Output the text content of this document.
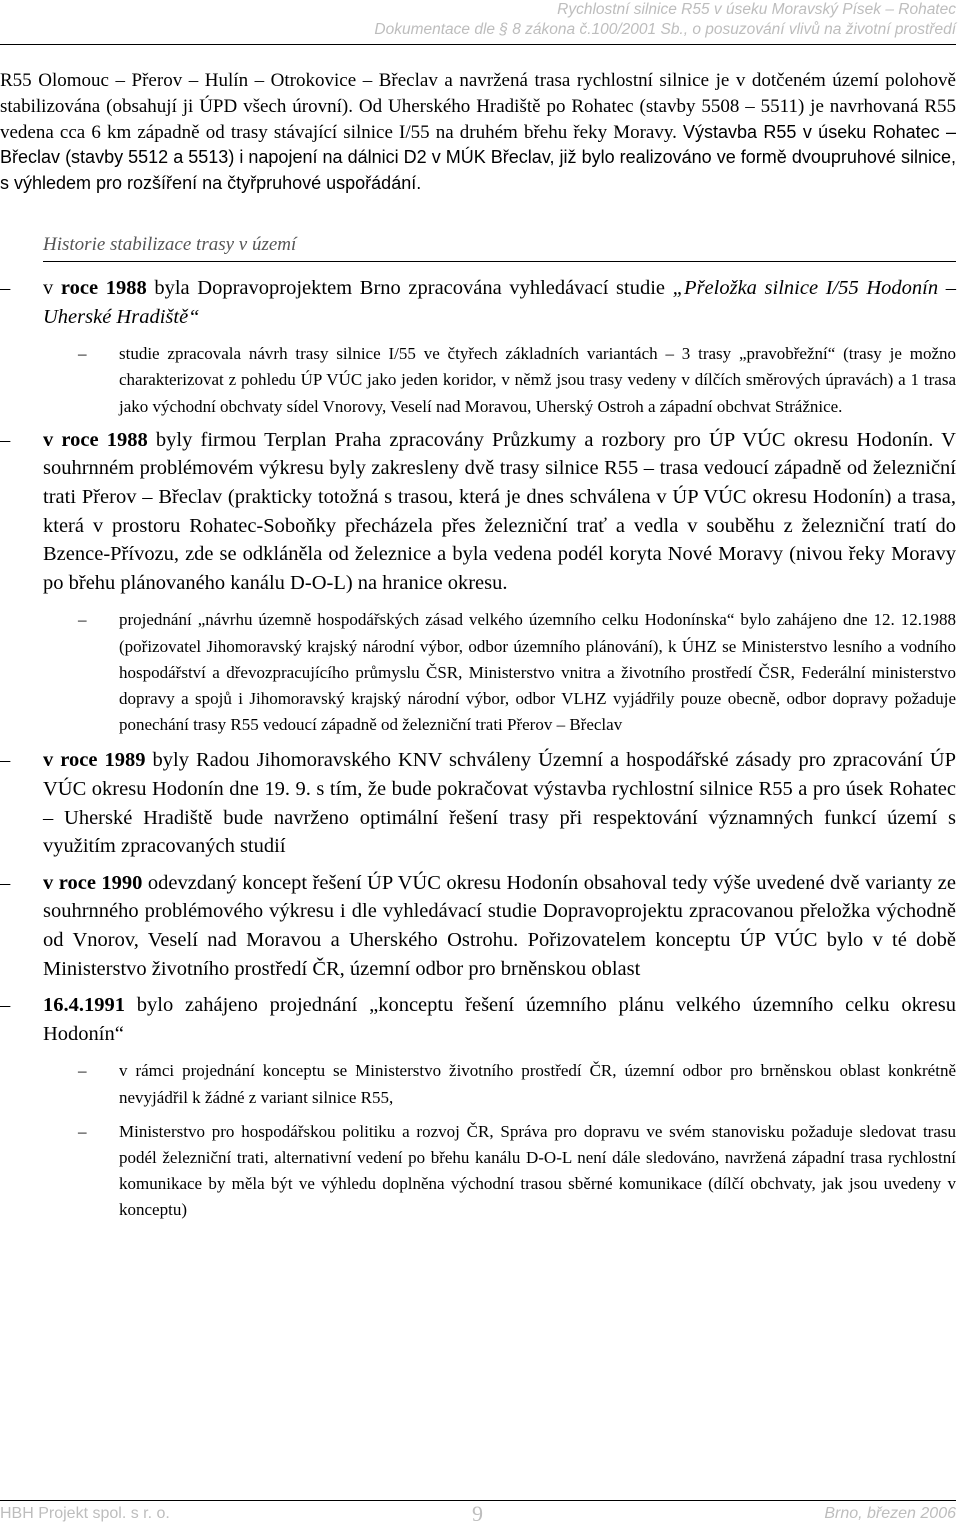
Rychlostní silnice R55 v úseku Moravský Písek – Rohatec
Dokumentace dle § 8 zákona č.100/2001 Sb., o posuzování vlivů na životní prostředí

R55 Olomouc – Přerov – Hulín – Otrokovice – Břeclav a navržená trasa rychlostní silnice je v dotčeném území polohově stabilizována (obsahují ji ÚPD všech úrovní). Od Uherského Hradiště po Rohatec (stavby 5508 – 5511) je navrhovaná R55 vedena cca 6 km západně od trasy stávající silnice I/55 na druhém břehu řeky Moravy. Výstavba R55 v úseku Rohatec – Břeclav (stavby 5512 a 5513) i napojení na dálnici D2 v MÚK Břeclav, již bylo realizováno ve formě dvoupruhové silnice, s výhledem pro rozšíření na čtyřpruhové uspořádání.

Historie stabilizace trasy v území
–	v roce 1988 byla Dopravoprojektem Brno zpracována vyhledávací studie „Přeložka silnice I/55 Hodonín – Uherské Hradiště“
– studie zpracovala návrh trasy silnice I/55 ve čtyřech základních variantách – 3 trasy „pravobřežní“ (trasy je možno charakterizovat z pohledu ÚP VÚC jako jeden koridor, v němž jsou trasy vedeny v dílčích směrových úpravách) a 1 trasa jako východní obchvaty sídel Vnorovy, Veselí nad Moravou, Uherský Ostroh a západní obchvat Strážnice.
–	v roce 1988 byly firmou Terplan Praha zpracovány Průzkumy a rozbory pro ÚP VÚC okresu Hodonín. V souhrnném problémovém výkresu byly zakresleny dvě trasy silnice R55 – trasa vedoucí západně od železniční trati Přerov – Břeclav (prakticky totožná s trasou, která je dnes schválena v ÚP VÚC okresu Hodonín) a trasa, která v prostoru Rohatec-Soboňky přecházela přes železniční trať a vedla v souběhu z železniční tratí do Bzence-Přívozu, zde se odkláněla od železnice a byla vedena podél koryta Nové Moravy (nivou řeky Moravy po břehu plánovaného kanálu D-O-L) na hranice okresu.
– projednání „návrhu územně hospodářských zásad velkého územního celku Hodonínska“ bylo zahájeno dne 12. 12.1988 (pořizovatel Jihomoravský krajský národní výbor, odbor územního plánování), k ÚHZ se Ministerstvo lesního a vodního hospodářství a dřevozpracujícího průmyslu ČSR, Ministerstvo vnitra a životního prostředí ČSR, Federální ministerstvo dopravy a spojů i Jihomoravský krajský národní výbor, odbor VLHZ vyjádřily pouze obecně, odbor dopravy požaduje ponechání trasy R55 vedoucí západně od železniční trati Přerov – Břeclav
–	v roce 1989 byly Radou Jihomoravského KNV schváleny Územní a hospodářské zásady pro zpracování ÚP VÚC okresu Hodonín dne 19. 9. s tím, že bude pokračovat výstavba rychlostní silnice R55 a pro úsek Rohatec – Uherské Hradiště bude navrženo optimální řešení trasy při respektování významných funkcí území s využitím zpracovaných studií
–	v roce 1990 odevzdaný koncept řešení ÚP VÚC okresu Hodonín obsahoval tedy výše uvedené dvě varianty ze souhrnného problémového výkresu i dle vyhledávací studie Dopravoprojektu zpracovanou přeložka východně od Vnorov, Veselí nad Moravou a Uherského Ostrohu. Pořizovatelem konceptu ÚP VÚC bylo v té době Ministerstvo životního prostředí ČR, územní odbor pro brněnskou oblast
–	16.4.1991 bylo zahájeno projednání „konceptu řešení územního plánu velkého územního celku okresu Hodonín“
– v rámci projednání konceptu se Ministerstvo životního prostředí ČR, územní odbor pro brněnskou oblast konkrétně nevyjádřil k žádné z variant silnice R55,
– Ministerstvo pro hospodářskou politiku a rozvoj ČR, Správa pro dopravu ve svém stanovisku požaduje sledovat trasu podél železniční trati, alternativní vedení po břehu kanálu D-O-L není dále sledováno, navržená západní trasa rychlostní komunikace by měla být ve výhledu doplněna východní trasou sběrné komunikace (dílčí obchvaty, jak jsou uvedeny v konceptu)
HBH Projekt spol. s r. o.	9	Brno, březen 2006
